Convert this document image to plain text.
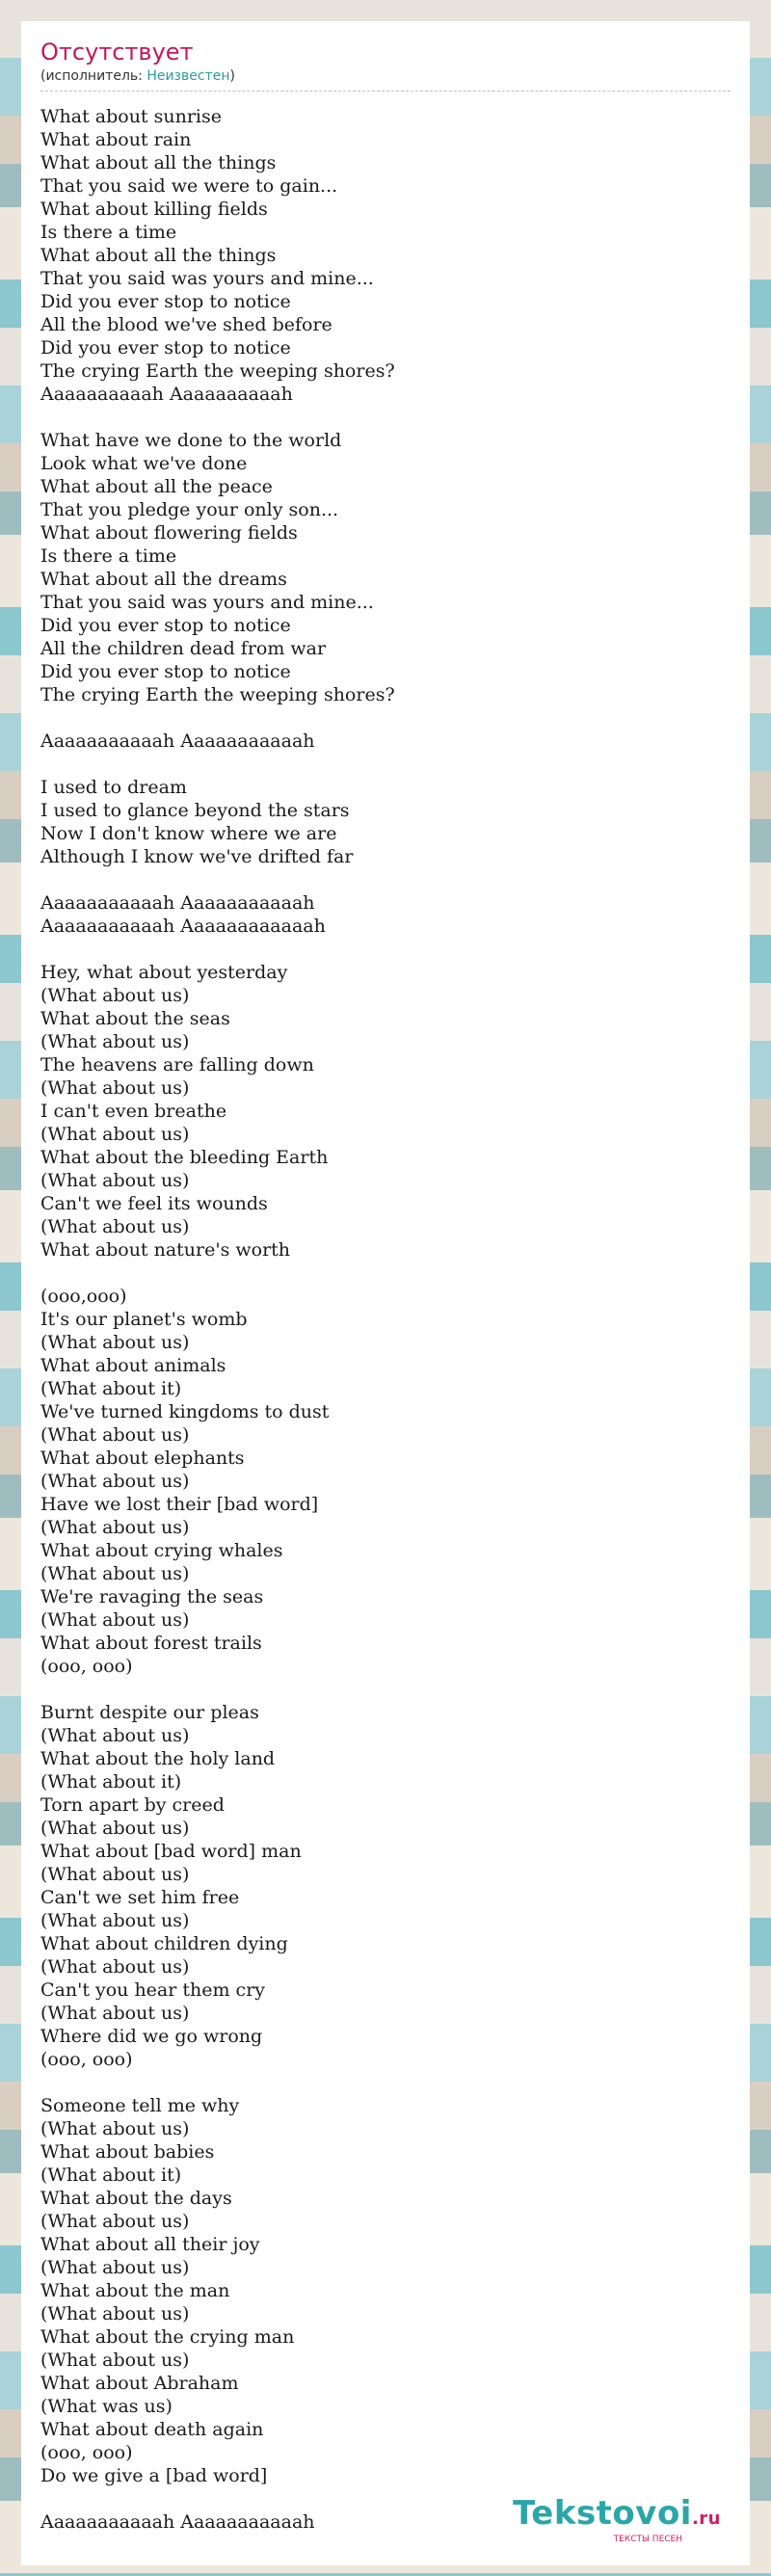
Отсутствует
(исполнитель: Неизвестен)
What about sunrise
What about rain
What about all the things
That you said we were to gain...
What about killing fields
Is there a time
What about all the things
That you said was yours and mine...
Did you ever stop to notice
All the blood we've shed before
Did you ever stop to notice
The crying Earth the weeping shores?
Aaaaaaaaaah Aaaaaaaaaah

What have we done to the world
Look what we've done
What about all the peace
That you pledge your only son...
What about flowering fields
Is there a time
What about all the dreams
That you said was yours and mine...
Did you ever stop to notice
All the children dead from war
Did you ever stop to notice
The crying Earth the weeping shores?

Aaaaaaaaaaah Aaaaaaaaaaah

I used to dream
I used to glance beyond the stars
Now I don't know where we are
Although I know we've drifted far

Aaaaaaaaaaah Aaaaaaaaaaah
Aaaaaaaaaaah Aaaaaaaaaaaah

Hey, what about yesterday
(What about us)
What about the seas
(What about us)
The heavens are falling down
(What about us)
I can't even breathe
(What about us)
What about the bleeding Earth
(What about us)
Can't we feel its wounds
(What about us)
What about nature's worth

(ooo,ooo)
It's our planet's womb
(What about us)
What about animals
(What about it)
We've turned kingdoms to dust
(What about us)
What about elephants
(What about us)
Have we lost their [bad word]
(What about us)
What about crying whales
(What about us)
We're ravaging the seas
(What about us)
What about forest trails
(ooo, ooo)

Burnt despite our pleas
(What about us)
What about the holy land
(What about it)
Torn apart by creed
(What about us)
What about [bad word] man
(What about us)
Can't we set him free
(What about us)
What about children dying
(What about us)
Can't you hear them cry
(What about us)
Where did we go wrong
(ooo, ooo)

Someone tell me why
(What about us)
What about babies
(What about it)
What about the days
(What about us)
What about all their joy
(What about us)
What about the man
(What about us)
What about the crying man
(What about us)
What about Abraham
(What was us)
What about death again
(ooo, ooo)
Do we give a [bad word]

Aaaaaaaaaaah Aaaaaaaaaaah	Tekstovoi.ru
ТЕКСТЫ ПЕСЕН
